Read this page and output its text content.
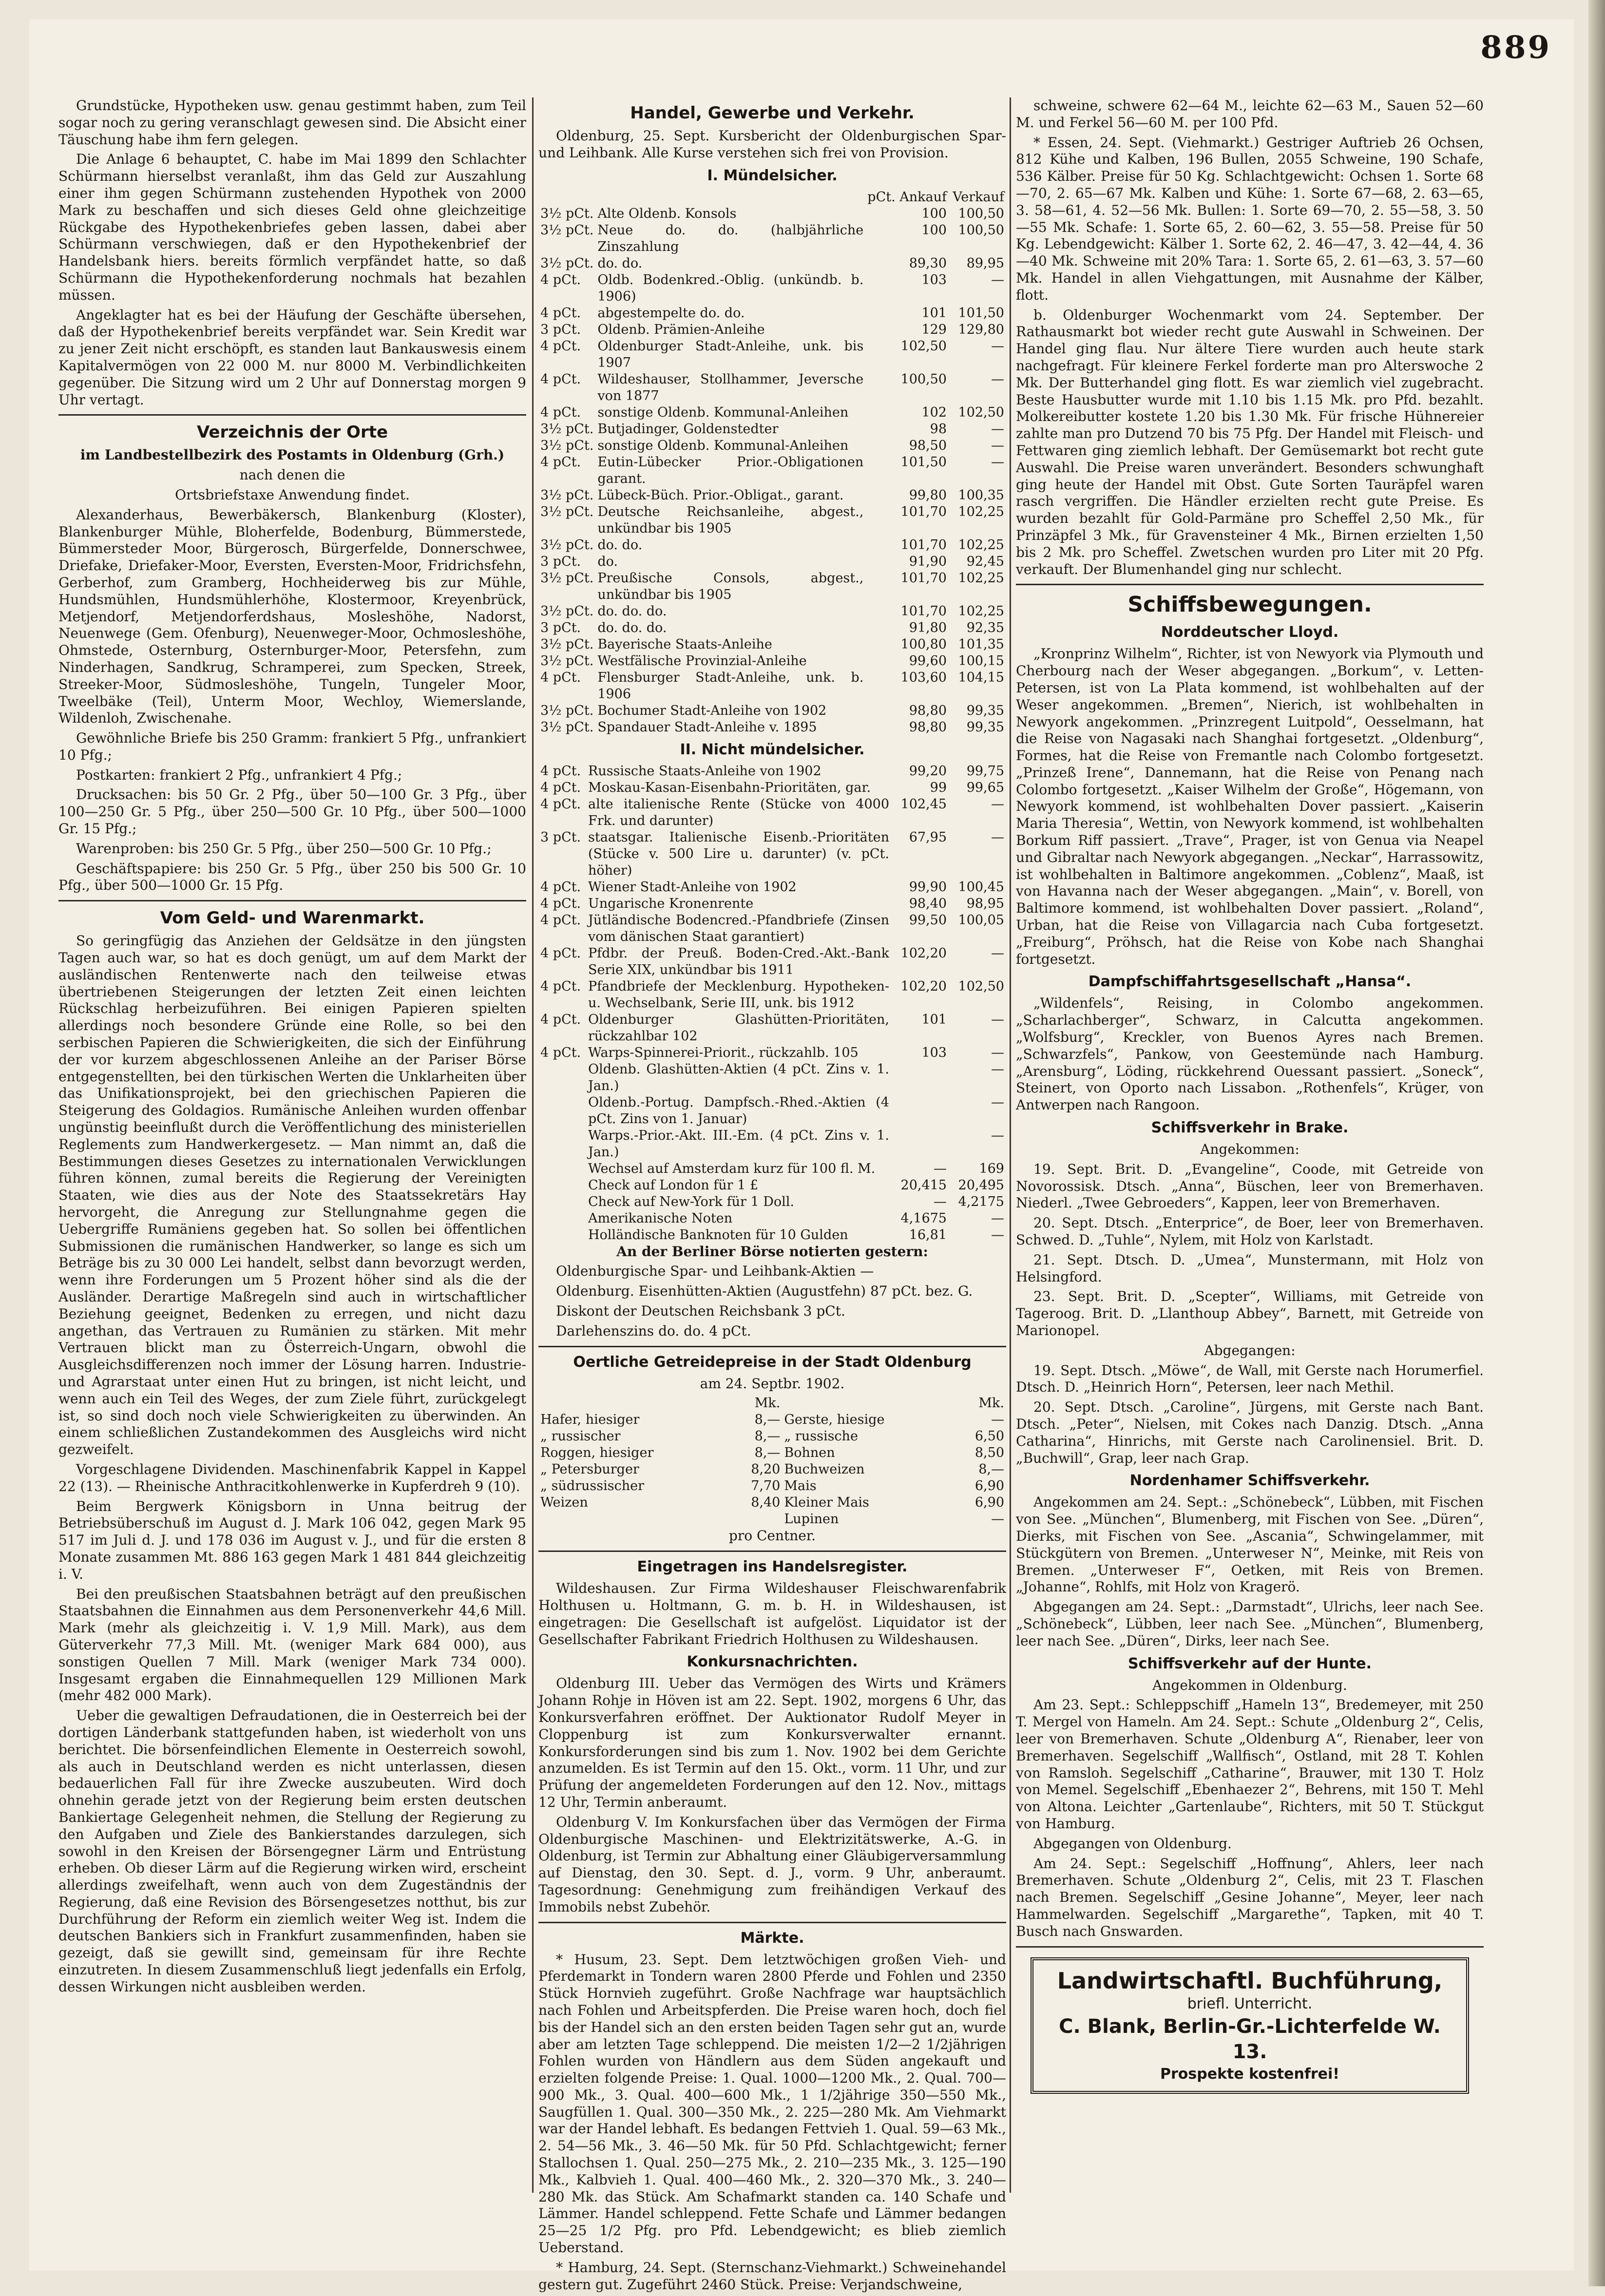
889

Grundstücke, Hypotheken usw. genau gestimmt haben, zum Teil sogar noch zu gering veranschlagt gewesen sind. Die Absicht einer Täuschung habe ihm fern gelegen.

Die Anlage 6 behauptet, C. habe im Mai 1899 den Schlachter Schürmann hierselbst veranlaßt, ihm das Geld zur Auszahlung einer ihm gegen Schürmann zustehenden Hypothek von 2000 Mark zu beschaffen und sich dieses Geld ohne gleichzeitige Rückgabe des Hypothekenbriefes geben lassen, dabei aber Schürmann verschwiegen, daß er den Hypothekenbrief der Handelsbank hiers. bereits förmlich verpfändet hatte, so daß Schürmann die Hypothekenforderung nochmals hat bezahlen müssen.

Angeklagter hat es bei der Häufung der Geschäfte übersehen, daß der Hypothekenbrief bereits verpfändet war. Sein Kredit war zu jener Zeit nicht erschöpft, es standen laut Bankauswesis einem Kapitalvermögen von 22 000 M. nur 8000 M. Verbindlichkeiten gegenüber. Die Sitzung wird um 2 Uhr auf Donnerstag morgen 9 Uhr vertagt.

Verzeichnis der Orte
im Landbestellbezirk des Postamts in Oldenburg (Grh.)
nach denen die
Ortsbriefstaxe Anwendung findet.

Alexanderhaus, Bewerbäkersch, Blankenburg (Kloster), Blankenburger Mühle, Bloherfelde, Bodenburg, Bümmerstede, Bümmersteder Moor, Bürgerosch, Bürgerfelde, Donnerschwee, Driefake, Driefaker-Moor, Eversten, Eversten-Moor, Fridrichsfehn, Gerberhof, zum Gramberg, Hochheiderweg bis zur Mühle, Hundsmühlen, Hundsmühlerhöhe, Klostermoor, Kreyenbrück, Metjendorf, Metjendorferdshaus, Mosleshöhe, Nadorst, Neuenwege (Gem. Ofenburg), Neuenweger-Moor, Ochmosleshöhe, Ohmstede, Osternburg, Osternburger-Moor, Petersfehn, zum Ninderhagen, Sandkrug, Schramperei, zum Specken, Streek, Streeker-Moor, Südmosleshöhe, Tungeln, Tungeler Moor, Tweelbäke (Teil), Unterm Moor, Wechloy, Wiemerslande, Wildenloh, Zwischenahe.

Gewöhnliche Briefe bis 250 Gramm: frankiert 5 Pfg., unfrankiert 10 Pfg.;

Postkarten: frankiert 2 Pfg., unfrankiert 4 Pfg.;

Drucksachen: bis 50 Gr. 2 Pfg., über 50—100 Gr. 3 Pfg., über 100—250 Gr. 5 Pfg., über 250—500 Gr. 10 Pfg., über 500—1000 Gr. 15 Pfg.;

Warenproben: bis 250 Gr. 5 Pfg., über 250—500 Gr. 10 Pfg.;

Geschäftspapiere: bis 250 Gr. 5 Pfg., über 250 bis 500 Gr. 10 Pfg., über 500—1000 Gr. 15 Pfg.

Vom Geld- und Warenmarkt.

So geringfügig das Anziehen der Geldsätze in den jüngsten Tagen auch war, so hat es doch genügt, um auf dem Markt der ausländischen Rentenwerte nach den teilweise etwas übertriebenen Steigerungen der letzten Zeit einen leichten Rückschlag herbeizuführen. Bei einigen Papieren spielten allerdings noch besondere Gründe eine Rolle, so bei den serbischen Papieren die Schwierigkeiten, die sich der Einführung der vor kurzem abgeschlossenen Anleihe an der Pariser Börse entgegenstellten, bei den türkischen Werten die Unklarheiten über das Unifikationsprojekt, bei den griechischen Papieren die Steigerung des Goldagios. Rumänische Anleihen wurden offenbar ungünstig beeinflußt durch die Veröffentlichung des ministeriellen Reglements zum Handwerkergesetz. — Man nimmt an, daß die Bestimmungen dieses Gesetzes zu internationalen Verwicklungen führen können, zumal bereits die Regierung der Vereinigten Staaten, wie dies aus der Note des Staatssekretärs Hay hervorgeht, die Anregung zur Stellungnahme gegen die Uebergriffe Rumäniens gegeben hat. So sollen bei öffentlichen Submissionen die rumänischen Handwerker, so lange es sich um Beträge bis zu 30 000 Lei handelt, selbst dann bevorzugt werden, wenn ihre Forderungen um 5 Prozent höher sind als die der Ausländer. Derartige Maßregeln sind auch in wirtschaftlicher Beziehung geeignet, Bedenken zu erregen, und nicht dazu angethan, das Vertrauen zu Rumänien zu stärken. Mit mehr Vertrauen blickt man zu Österreich-Ungarn, obwohl die Ausgleichsdifferenzen noch immer der Lösung harren. Industrie- und Agrarstaat unter einen Hut zu bringen, ist nicht leicht, und wenn auch ein Teil des Weges, der zum Ziele führt, zurückgelegt ist, so sind doch noch viele Schwierigkeiten zu überwinden. An einem schließlichen Zustandekommen des Ausgleichs wird nicht gezweifelt.

Vorgeschlagene Dividenden. Maschinenfabrik Kappel in Kappel 22 (13). — Rheinische Anthracitkohlenwerke in Kupferdreh 9 (10).

Beim Bergwerk Königsborn in Unna beitrug der Betriebsüberschuß im August d. J. Mark 106 042, gegen Mark 95 517 im Juli d. J. und 178 036 im August v. J., und für die ersten 8 Monate zusammen Mt. 886 163 gegen Mark 1 481 844 gleichzeitig i. V.

Bei den preußischen Staatsbahnen beträgt auf den preußischen Staatsbahnen die Einnahmen aus dem Personenverkehr 44,6 Mill. Mark (mehr als gleichzeitig i. V. 1,9 Mill. Mark), aus dem Güterverkehr 77,3 Mill. Mt. (weniger Mark 684 000), aus sonstigen Quellen 7 Mill. Mark (weniger Mark 734 000). Insgesamt ergaben die Einnahmequellen 129 Millionen Mark (mehr 482 000 Mark).

Ueber die gewaltigen Defraudationen, die in Oesterreich bei der dortigen Länderbank stattgefunden haben, ist wiederholt von uns berichtet. Die börsenfeindlichen Elemente in Oesterreich sowohl, als auch in Deutschland werden es nicht unterlassen, diesen bedauerlichen Fall für ihre Zwecke auszubeuten. Wird doch ohnehin gerade jetzt von der Regierung beim ersten deutschen Bankiertage Gelegenheit nehmen, die Stellung der Regierung zu den Aufgaben und Ziele des Bankierstandes darzulegen, sich sowohl in den Kreisen der Börsengegner Lärm und Entrüstung erheben. Ob dieser Lärm auf die Regierung wirken wird, erscheint allerdings zweifelhaft, wenn auch von dem Zugeständnis der Regierung, daß eine Revision des Börsengesetzes notthut, bis zur Durchführung der Reform ein ziemlich weiter Weg ist. Indem die deutschen Bankiers sich in Frankfurt zusammenfinden, haben sie gezeigt, daß sie gewillt sind, gemeinsam für ihre Rechte einzutreten. In diesem Zusammenschluß liegt jedenfalls ein Erfolg, dessen Wirkungen nicht ausbleiben werden.

Handel, Gewerbe und Verkehr.

Oldenburg, 25. Sept. Kursbericht der Oldenburgischen Spar- und Leihbank. Alle Kurse verstehen sich frei von Provision.

I. Mündelsicher.
		pCt. Ankauf	Verkauf
3½ pCt.	Alte Oldenb. Konsols	100	100,50
3½ pCt.	Neue do. do. (halbjährliche Zinszahlung	100	100,50
3½ pCt.	do. do.	89,30	89,95
4 pCt.	Oldb. Bodenkred.-Oblig. (unkündb. b. 1906)	103	—
4 pCt.	abgestempelte do. do.	101	101,50
3 pCt.	Oldenb. Prämien-Anleihe	129	129,80
4 pCt.	Oldenburger Stadt-Anleihe, unk. bis 1907	102,50	—
4 pCt.	Wildeshauser, Stollhammer, Jeversche von 1877	100,50	—
4 pCt.	sonstige Oldenb. Kommunal-Anleihen	102	102,50
3½ pCt.	Butjadinger, Goldenstedter	98	—
3½ pCt.	sonstige Oldenb. Kommunal-Anleihen	98,50	—
4 pCt.	Eutin-Lübecker Prior.-Obligationen garant.	101,50	—
3½ pCt.	Lübeck-Büch. Prior.-Obligat., garant.	99,80	100,35
3½ pCt.	Deutsche Reichsanleihe, abgest., unkündbar bis 1905	101,70	102,25
3½ pCt.	do. do.	101,70	102,25
3 pCt.	do.	91,90	92,45
3½ pCt.	Preußische Consols, abgest., unkündbar bis 1905	101,70	102,25
3½ pCt.	do. do. do.	101,70	102,25
3 pCt.	do. do. do.	91,80	92,35
3½ pCt.	Bayerische Staats-Anleihe	100,80	101,35
3½ pCt.	Westfälische Provinzial-Anleihe	99,60	100,15
4 pCt.	Flensburger Stadt-Anleihe, unk. b. 1906	103,60	104,15
3½ pCt.	Bochumer Stadt-Anleihe von 1902	98,80	99,35
3½ pCt.	Spandauer Stadt-Anleihe v. 1895	98,80	99,35
II. Nicht mündelsicher.
4 pCt.	Russische Staats-Anleihe von 1902	99,20	99,75
4 pCt.	Moskau-Kasan-Eisenbahn-Prioritäten, gar.	99	99,65
4 pCt.	alte italienische Rente (Stücke von 4000 Frk. und darunter)	102,45	—
3 pCt.	staatsgar. Italienische Eisenb.-Prioritäten (Stücke v. 500 Lire u. darunter) (v. pCt. höher)	67,95	—
4 pCt.	Wiener Stadt-Anleihe von 1902	99,90	100,45
4 pCt.	Ungarische Kronenrente	98,40	98,95
4 pCt.	Jütländische Bodencred.-Pfandbriefe (Zinsen vom dänischen Staat garantiert)	99,50	100,05
4 pCt.	Pfdbr. der Preuß. Boden-Cred.-Akt.-Bank Serie XIX, unkündbar bis 1911	102,20	—
4 pCt.	Pfandbriefe der Mecklenburg. Hypotheken- u. Wechselbank, Serie III, unk. bis 1912	102,20	102,50
4 pCt.	Oldenburger Glashütten-Prioritäten, rückzahlbar 102	101	—
4 pCt.	Warps-Spinnerei-Priorit., rückzahlb. 105	103	—
	Oldenb. Glashütten-Aktien (4 pCt. Zins v. 1. Jan.)		—
	Oldenb.-Portug. Dampfsch.-Rhed.-Aktien (4 pCt. Zins von 1. Januar)		—
	Warps.-Prior.-Akt. III.-Em. (4 pCt. Zins v. 1. Jan.)		—
	Wechsel auf Amsterdam kurz für 100 fl. M.	—	169
	Check auf London für 1 £	20,415	20,495
	Check auf New-York für 1 Doll.	—	4,2175
	Amerikanische Noten	4,1675	—
	Holländische Banknoten für 10 Gulden	16,81	—
An der Berliner Börse notierten gestern:

Oldenburgische Spar- und Leihbank-Aktien —

Oldenburg. Eisenhütten-Aktien (Augustfehn) 87 pCt. bez. G.

Diskont der Deutschen Reichsbank 3 pCt.

Darlehenszins do. do. 4 pCt.

Oertliche Getreidepreise in der Stadt Oldenburg
am 24. Septbr. 1902.
	Mk.		Mk.
Hafer, hiesiger	8,—	Gerste, hiesige	—
„ russischer	8,—	„ russische	6,50
Roggen, hiesiger	8,—	Bohnen	8,50
„ Petersburger	8,20	Buchweizen	8,—
„ südrussischer	7,70	Mais	6,90
Weizen	8,40	Kleiner Mais	6,90
		Lupinen	—
pro Centner.
Eingetragen ins Handelsregister.

Wildeshausen. Zur Firma Wildeshauser Fleischwarenfabrik Holthusen u. Holtmann, G. m. b. H. in Wildeshausen, ist eingetragen: Die Gesellschaft ist aufgelöst. Liquidator ist der Gesellschafter Fabrikant Friedrich Holthusen zu Wildeshausen.

Konkursnachrichten.

Oldenburg III. Ueber das Vermögen des Wirts und Krämers Johann Rohje in Höven ist am 22. Sept. 1902, morgens 6 Uhr, das Konkursverfahren eröffnet. Der Auktionator Rudolf Meyer in Cloppenburg ist zum Konkursverwalter ernannt. Konkursforderungen sind bis zum 1. Nov. 1902 bei dem Gerichte anzumelden. Es ist Termin auf den 15. Okt., vorm. 11 Uhr, und zur Prüfung der angemeldeten Forderungen auf den 12. Nov., mittags 12 Uhr, Termin anberaumt.

Oldenburg V. Im Konkursfachen über das Vermögen der Firma Oldenburgische Maschinen- und Elektrizitätswerke, A.-G. in Oldenburg, ist Termin zur Abhaltung einer Gläubigerversammlung auf Dienstag, den 30. Sept. d. J., vorm. 9 Uhr, anberaumt. Tagesordnung: Genehmigung zum freihändigen Verkauf des Immobils nebst Zubehör.

Märkte.

* Husum, 23. Sept. Dem letztwöchigen großen Vieh- und Pferdemarkt in Tondern waren 2800 Pferde und Fohlen und 2350 Stück Hornvieh zugeführt. Große Nachfrage war hauptsächlich nach Fohlen und Arbeitspferden. Die Preise waren hoch, doch fiel bis der Handel sich an den ersten beiden Tagen sehr gut an, wurde aber am letzten Tage schleppend. Die meisten 1/2—2 1/2jährigen Fohlen wurden von Händlern aus dem Süden angekauft und erzielten folgende Preise: 1. Qual. 1000—1200 Mk., 2. Qual. 700—900 Mk., 3. Qual. 400—600 Mk., 1 1/2jährige 350—550 Mk., Saugfüllen 1. Qual. 300—350 Mk., 2. 225—280 Mk. Am Viehmarkt war der Handel lebhaft. Es bedangen Fettvieh 1. Qual. 59—63 Mk., 2. 54—56 Mk., 3. 46—50 Mk. für 50 Pfd. Schlachtgewicht; ferner Stallochsen 1. Qual. 250—275 Mk., 2. 210—235 Mk., 3. 125—190 Mk., Kalbvieh 1. Qual. 400—460 Mk., 2. 320—370 Mk., 3. 240—280 Mk. das Stück. Am Schafmarkt standen ca. 140 Schafe und Lämmer. Handel schleppend. Fette Schafe und Lämmer bedangen 25—25 1/2 Pfg. pro Pfd. Lebendgewicht; es blieb ziemlich Ueberstand.

* Hamburg, 24. Sept. (Sternschanz-Viehmarkt.) Schweinehandel gestern gut. Zugeführt 2460 Stück. Preise: Verjandschweine,

schweine, schwere 62—64 M., leichte 62—63 M., Sauen 52—60 M. und Ferkel 56—60 M. per 100 Pfd.

* Essen, 24. Sept. (Viehmarkt.) Gestriger Auftrieb 26 Ochsen, 812 Kühe und Kalben, 196 Bullen, 2055 Schweine, 190 Schafe, 536 Kälber. Preise für 50 Kg. Schlachtgewicht: Ochsen 1. Sorte 68—70, 2. 65—67 Mk. Kalben und Kühe: 1. Sorte 67—68, 2. 63—65, 3. 58—61, 4. 52—56 Mk. Bullen: 1. Sorte 69—70, 2. 55—58, 3. 50—55 Mk. Schafe: 1. Sorte 65, 2. 60—62, 3. 55—58. Preise für 50 Kg. Lebendgewicht: Kälber 1. Sorte 62, 2. 46—47, 3. 42—44, 4. 36—40 Mk. Schweine mit 20% Tara: 1. Sorte 65, 2. 61—63, 3. 57—60 Mk. Handel in allen Viehgattungen, mit Ausnahme der Kälber, flott.

b. Oldenburger Wochenmarkt vom 24. September. Der Rathausmarkt bot wieder recht gute Auswahl in Schweinen. Der Handel ging flau. Nur ältere Tiere wurden auch heute stark nachgefragt. Für kleinere Ferkel forderte man pro Alterswoche 2 Mk. Der Butterhandel ging flott. Es war ziemlich viel zugebracht. Beste Hausbutter wurde mit 1.10 bis 1.15 Mk. pro Pfd. bezahlt. Molkereibutter kostete 1.20 bis 1.30 Mk. Für frische Hühnereier zahlte man pro Dutzend 70 bis 75 Pfg. Der Handel mit Fleisch- und Fettwaren ging ziemlich lebhaft. Der Gemüsemarkt bot recht gute Auswahl. Die Preise waren unverändert. Besonders schwunghaft ging heute der Handel mit Obst. Gute Sorten Tauräpfel waren rasch vergriffen. Die Händler erzielten recht gute Preise. Es wurden bezahlt für Gold-Parmäne pro Scheffel 2,50 Mk., für Prinzäpfel 3 Mk., für Gravensteiner 4 Mk., Birnen erzielten 1,50 bis 2 Mk. pro Scheffel. Zwetschen wurden pro Liter mit 20 Pfg. verkauft. Der Blumenhandel ging nur schlecht.

Schiffsbewegungen.
Norddeutscher Lloyd.

„Kronprinz Wilhelm“, Richter, ist von Newyork via Plymouth und Cherbourg nach der Weser abgegangen. „Borkum“, v. Letten-Petersen, ist von La Plata kommend, ist wohlbehalten auf der Weser angekommen. „Bremen“, Nierich, ist wohlbehalten in Newyork angekommen. „Prinzregent Luitpold“, Oesselmann, hat die Reise von Nagasaki nach Shanghai fortgesetzt. „Oldenburg“, Formes, hat die Reise von Fremantle nach Colombo fortgesetzt. „Prinzeß Irene“, Dannemann, hat die Reise von Penang nach Colombo fortgesetzt. „Kaiser Wilhelm der Große“, Högemann, von Newyork kommend, ist wohlbehalten Dover passiert. „Kaiserin Maria Theresia“, Wettin, von Newyork kommend, ist wohlbehalten Borkum Riff passiert. „Trave“, Prager, ist von Genua via Neapel und Gibraltar nach Newyork abgegangen. „Neckar“, Harrassowitz, ist wohlbehalten in Baltimore angekommen. „Coblenz“, Maaß, ist von Havanna nach der Weser abgegangen. „Main“, v. Borell, von Baltimore kommend, ist wohlbehalten Dover passiert. „Roland“, Urban, hat die Reise von Villagarcia nach Cuba fortgesetzt. „Freiburg“, Pröhsch, hat die Reise von Kobe nach Shanghai fortgesetzt.

Dampfschiffahrtsgesellschaft „Hansa“.

„Wildenfels“, Reising, in Colombo angekommen. „Scharlachberger“, Schwarz, in Calcutta angekommen. „Wolfsburg“, Kreckler, von Buenos Ayres nach Bremen. „Schwarzfels“, Pankow, von Geestemünde nach Hamburg. „Arensburg“, Löding, rückkehrend Ouessant passiert. „Soneck“, Steinert, von Oporto nach Lissabon. „Rothenfels“, Krüger, von Antwerpen nach Rangoon.

Schiffsverkehr in Brake.
Angekommen:

19. Sept. Brit. D. „Evangeline“, Coode, mit Getreide von Novorossisk. Dtsch. „Anna“, Büschen, leer von Bremerhaven. Niederl. „Twee Gebroeders“, Kappen, leer von Bremerhaven.

20. Sept. Dtsch. „Enterprice“, de Boer, leer von Bremerhaven. Schwed. D. „Tuhle“, Nylem, mit Holz von Karlstadt.

21. Sept. Dtsch. D. „Umea“, Munstermann, mit Holz von Helsingford.

23. Sept. Brit. D. „Scepter“, Williams, mit Getreide von Tageroog. Brit. D. „Llanthoup Abbey“, Barnett, mit Getreide von Marionopel.

Abgegangen:

19. Sept. Dtsch. „Möwe“, de Wall, mit Gerste nach Horumerfiel. Dtsch. D. „Heinrich Horn“, Petersen, leer nach Methil.

20. Sept. Dtsch. „Caroline“, Jürgens, mit Gerste nach Bant. Dtsch. „Peter“, Nielsen, mit Cokes nach Danzig. Dtsch. „Anna Catharina“, Hinrichs, mit Gerste nach Carolinensiel. Brit. D. „Buchwill“, Grap, leer nach Grap.

Nordenhamer Schiffsverkehr.

Angekommen am 24. Sept.: „Schönebeck“, Lübben, mit Fischen von See. „München“, Blumenberg, mit Fischen von See. „Düren“, Dierks, mit Fischen von See. „Ascania“, Schwingelammer, mit Stückgütern von Bremen. „Unterweser N“, Meinke, mit Reis von Bremen. „Unterweser F“, Oetken, mit Reis von Bremen. „Johanne“, Rohlfs, mit Holz von Kragerö.

Abgegangen am 24. Sept.: „Darmstadt“, Ulrichs, leer nach See. „Schönebeck“, Lübben, leer nach See. „München“, Blumenberg, leer nach See. „Düren“, Dirks, leer nach See.

Schiffsverkehr auf der Hunte.
Angekommen in Oldenburg.

Am 23. Sept.: Schleppschiff „Hameln 13“, Bredemeyer, mit 250 T. Mergel von Hameln. Am 24. Sept.: Schute „Oldenburg 2“, Celis, leer von Bremerhaven. Schute „Oldenburg A“, Rienaber, leer von Bremerhaven. Segelschiff „Wallfisch“, Ostland, mit 28 T. Kohlen von Ramsloh. Segelschiff „Catharine“, Brauwer, mit 130 T. Holz von Memel. Segelschiff „Ebenhaezer 2“, Behrens, mit 150 T. Mehl von Altona. Leichter „Gartenlaube“, Richters, mit 50 T. Stückgut von Hamburg.

Abgegangen von Oldenburg.

Am 24. Sept.: Segelschiff „Hoffnung“, Ahlers, leer nach Bremerhaven. Schute „Oldenburg 2“, Celis, mit 23 T. Flaschen nach Bremen. Segelschiff „Gesine Johanne“, Meyer, leer nach Hammelwarden. Segelschiff „Margarethe“, Tapken, mit 40 T. Busch nach Gnswarden.

Landwirtschaftl. Buchführung,
briefl. Unterricht.
C. Blank, Berlin-Gr.-Lichterfelde W. 13.
Prospekte kostenfrei!
